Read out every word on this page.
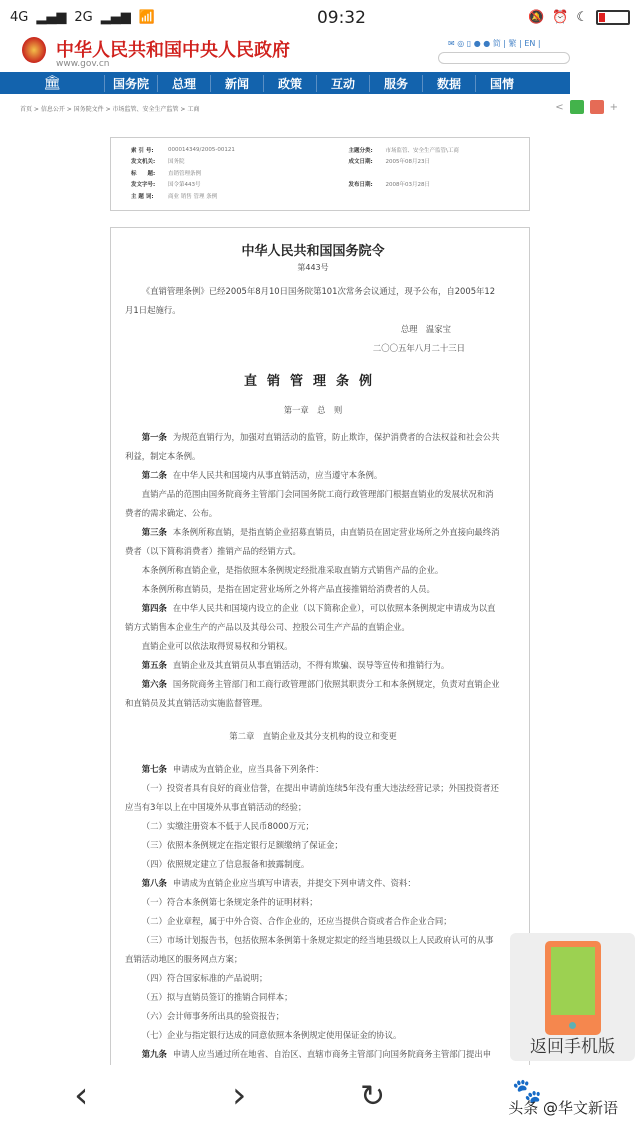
4G ▂▄▆ 2G ▂▄▆ 📶	09:32	🔕 ⏰ ☾
中华人民共和国中央人民政府
www.gov.cn
✉ ◎ ▯ ● ● 简 | 繁 | EN |
🏛	国务院	总理	新闻	政策	互动	服务	数据	国情
首页 > 信息公开 > 国务院文件 > 市场监管、安全生产监管 > 工商	<	+
索 引 号:	000014349/2005-00121	主题分类:	市场监管、安全生产监管\工商
发文机关:	国务院	成文日期:	2005年08月23日
标　　题:	直销管理条例
发文字号:	国令第443号	发布日期:	2008年03月28日
主 题 词:	商业 销售 管理 条例
中华人民共和国国务院令
第443号
《直销管理条例》已经2005年8月10日国务院第101次常务会议通过，现予公布，自2005年12月1日起施行。
总理　温家宝
二〇〇五年八月二十三日
直销管理条例
第一章　总　则
第一条 为规范直销行为，加强对直销活动的监管，防止欺诈，保护消费者的合法权益和社会公共利益，制定本条例。
第二条 在中华人民共和国境内从事直销活动，应当遵守本条例。
直销产品的范围由国务院商务主管部门会同国务院工商行政管理部门根据直销业的发展状况和消费者的需求确定、公布。
第三条 本条例所称直销，是指直销企业招募直销员，由直销员在固定营业场所之外直接向最终消费者（以下简称消费者）推销产品的经销方式。
本条例所称直销企业，是指依照本条例规定经批准采取直销方式销售产品的企业。
本条例所称直销员，是指在固定营业场所之外将产品直接推销给消费者的人员。
第四条 在中华人民共和国境内设立的企业（以下简称企业），可以依照本条例规定申请成为以直销方式销售本企业生产的产品以及其母公司、控股公司生产产品的直销企业。
直销企业可以依法取得贸易权和分销权。
第五条 直销企业及其直销员从事直销活动，不得有欺骗、误导等宣传和推销行为。
第六条 国务院商务主管部门和工商行政管理部门依照其职责分工和本条例规定，负责对直销企业和直销员及其直销活动实施监督管理。
第二章　直销企业及其分支机构的设立和变更
第七条 申请成为直销企业，应当具备下列条件：
（一）投资者具有良好的商业信誉，在提出申请前连续5年没有重大违法经营记录；外国投资者还应当有3年以上在中国境外从事直销活动的经验；
（二）实缴注册资本不低于人民币8000万元；
（三）依照本条例规定在指定银行足额缴纳了保证金；
（四）依照规定建立了信息报备和披露制度。
第八条 申请成为直销企业应当填写申请表，并提交下列申请文件、资料：
（一）符合本条例第七条规定条件的证明材料；
（二）企业章程，属于中外合资、合作企业的，还应当提供合资或者合作企业合同；
（三）市场计划报告书，包括依照本条例第十条规定拟定的经当地县级以上人民政府认可的从事直销活动地区的服务网点方案；
（四）符合国家标准的产品说明；
（五）拟与直销员签订的推销合同样本；
（六）会计师事务所出具的验资报告；
（七）企业与指定银行达成的同意依照本条例规定使用保证金的协议。
第九条 申请人应当通过所在地省、自治区、直辖市商务主管部门向国务院商务主管部门提出申	返回手机版
‹	›	↻	🐾
头条 @华文新语
